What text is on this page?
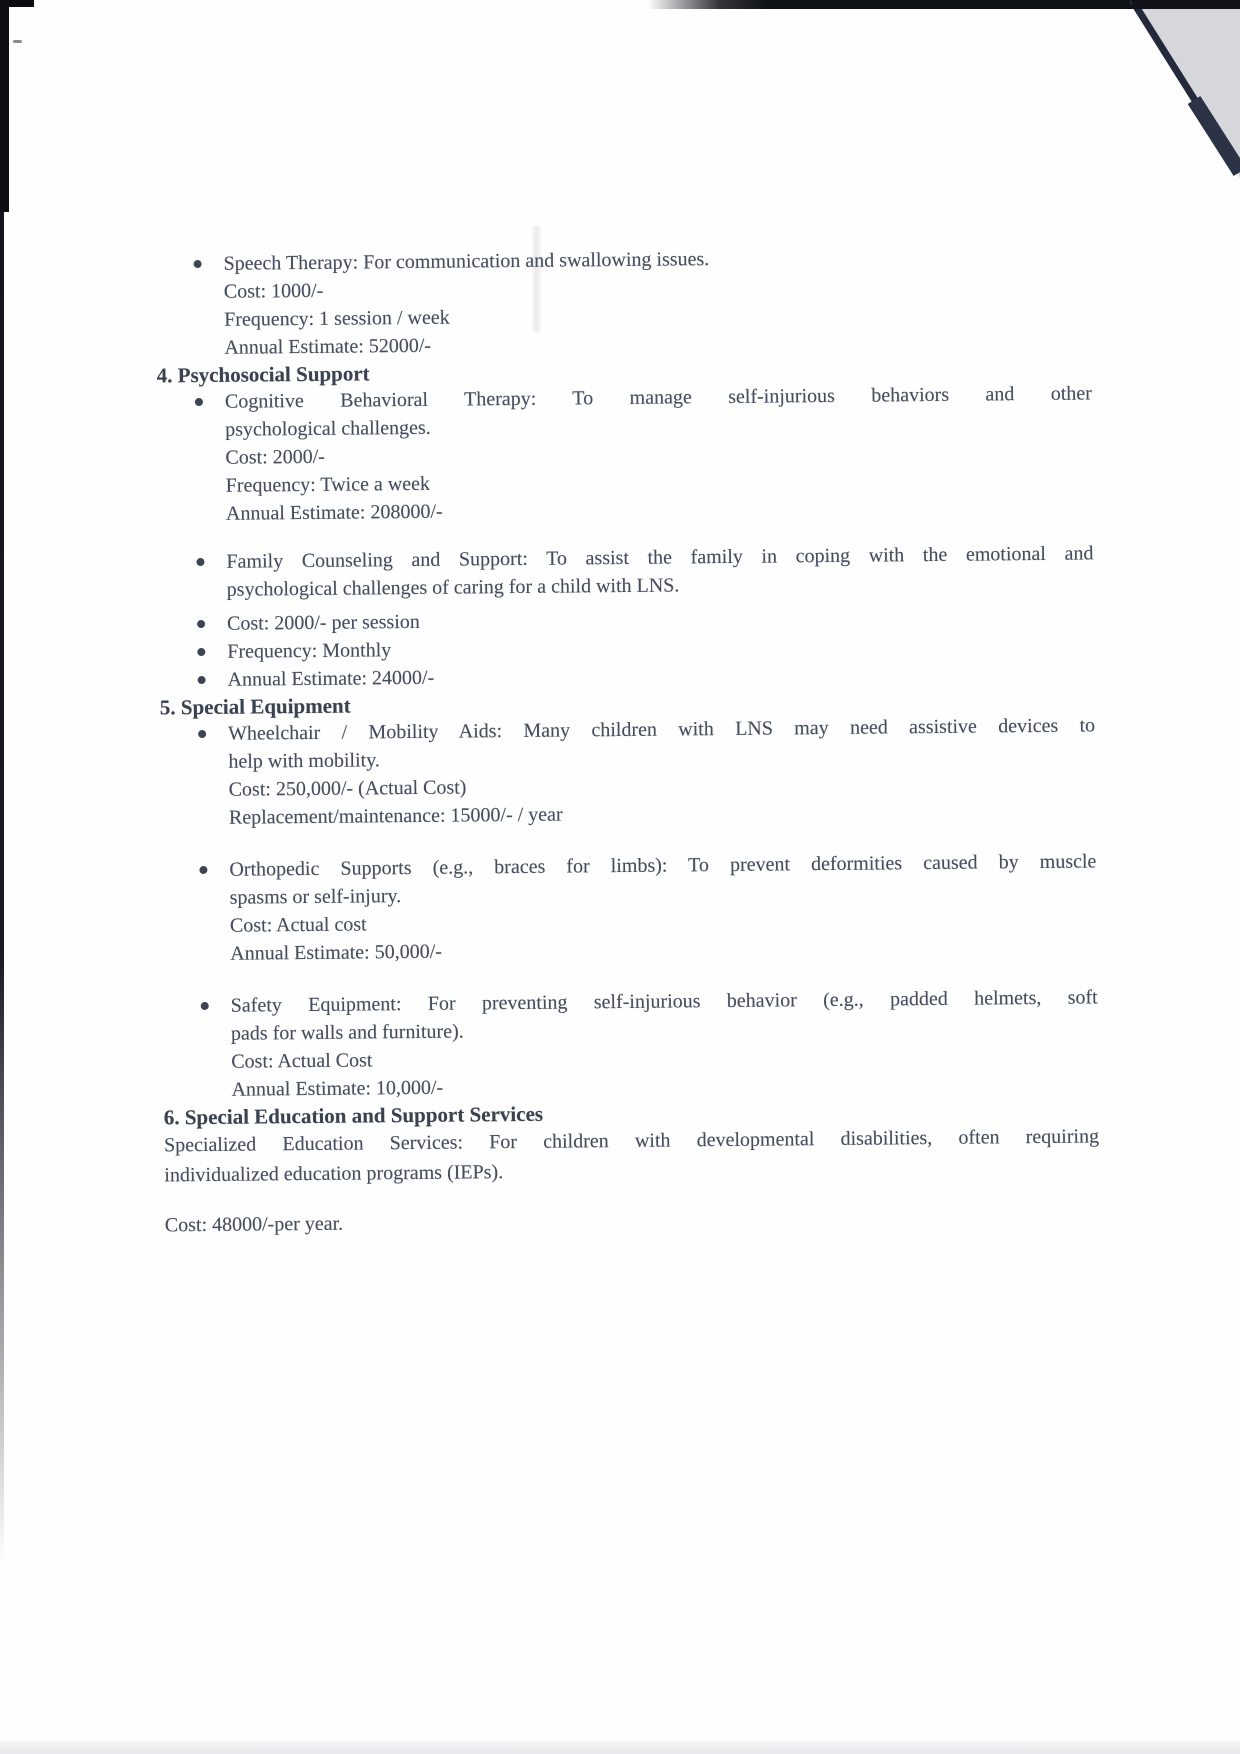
Speech Therapy: For communication and swallowing issues.
Cost: 1000/-
Frequency: 1 session / week
Annual Estimate: 52000/-
4. Psychosocial Support
Cognitive Behavioral Therapy: To manage self-injurious behaviors and other
psychological challenges.
Cost: 2000/-
Frequency: Twice a week
Annual Estimate: 208000/-
Family Counseling and Support: To assist the family in coping with the emotional and
psychological challenges of caring for a child with LNS.
Cost: 2000/- per session
Frequency: Monthly
Annual Estimate: 24000/-
5. Special Equipment
Wheelchair / Mobility Aids: Many children with LNS may need assistive devices to
help with mobility.
Cost: 250,000/- (Actual Cost)
Replacement/maintenance: 15000/- / year
Orthopedic Supports (e.g., braces for limbs): To prevent deformities caused by muscle
spasms or self-injury.
Cost: Actual cost
Annual Estimate: 50,000/-
Safety Equipment: For preventing self-injurious behavior (e.g., padded helmets, soft
pads for walls and furniture).
Cost: Actual Cost
Annual Estimate: 10,000/-
6. Special Education and Support Services
Specialized Education Services: For children with developmental disabilities, often requiring
individualized education programs (IEPs).
Cost: 48000/-per year.
